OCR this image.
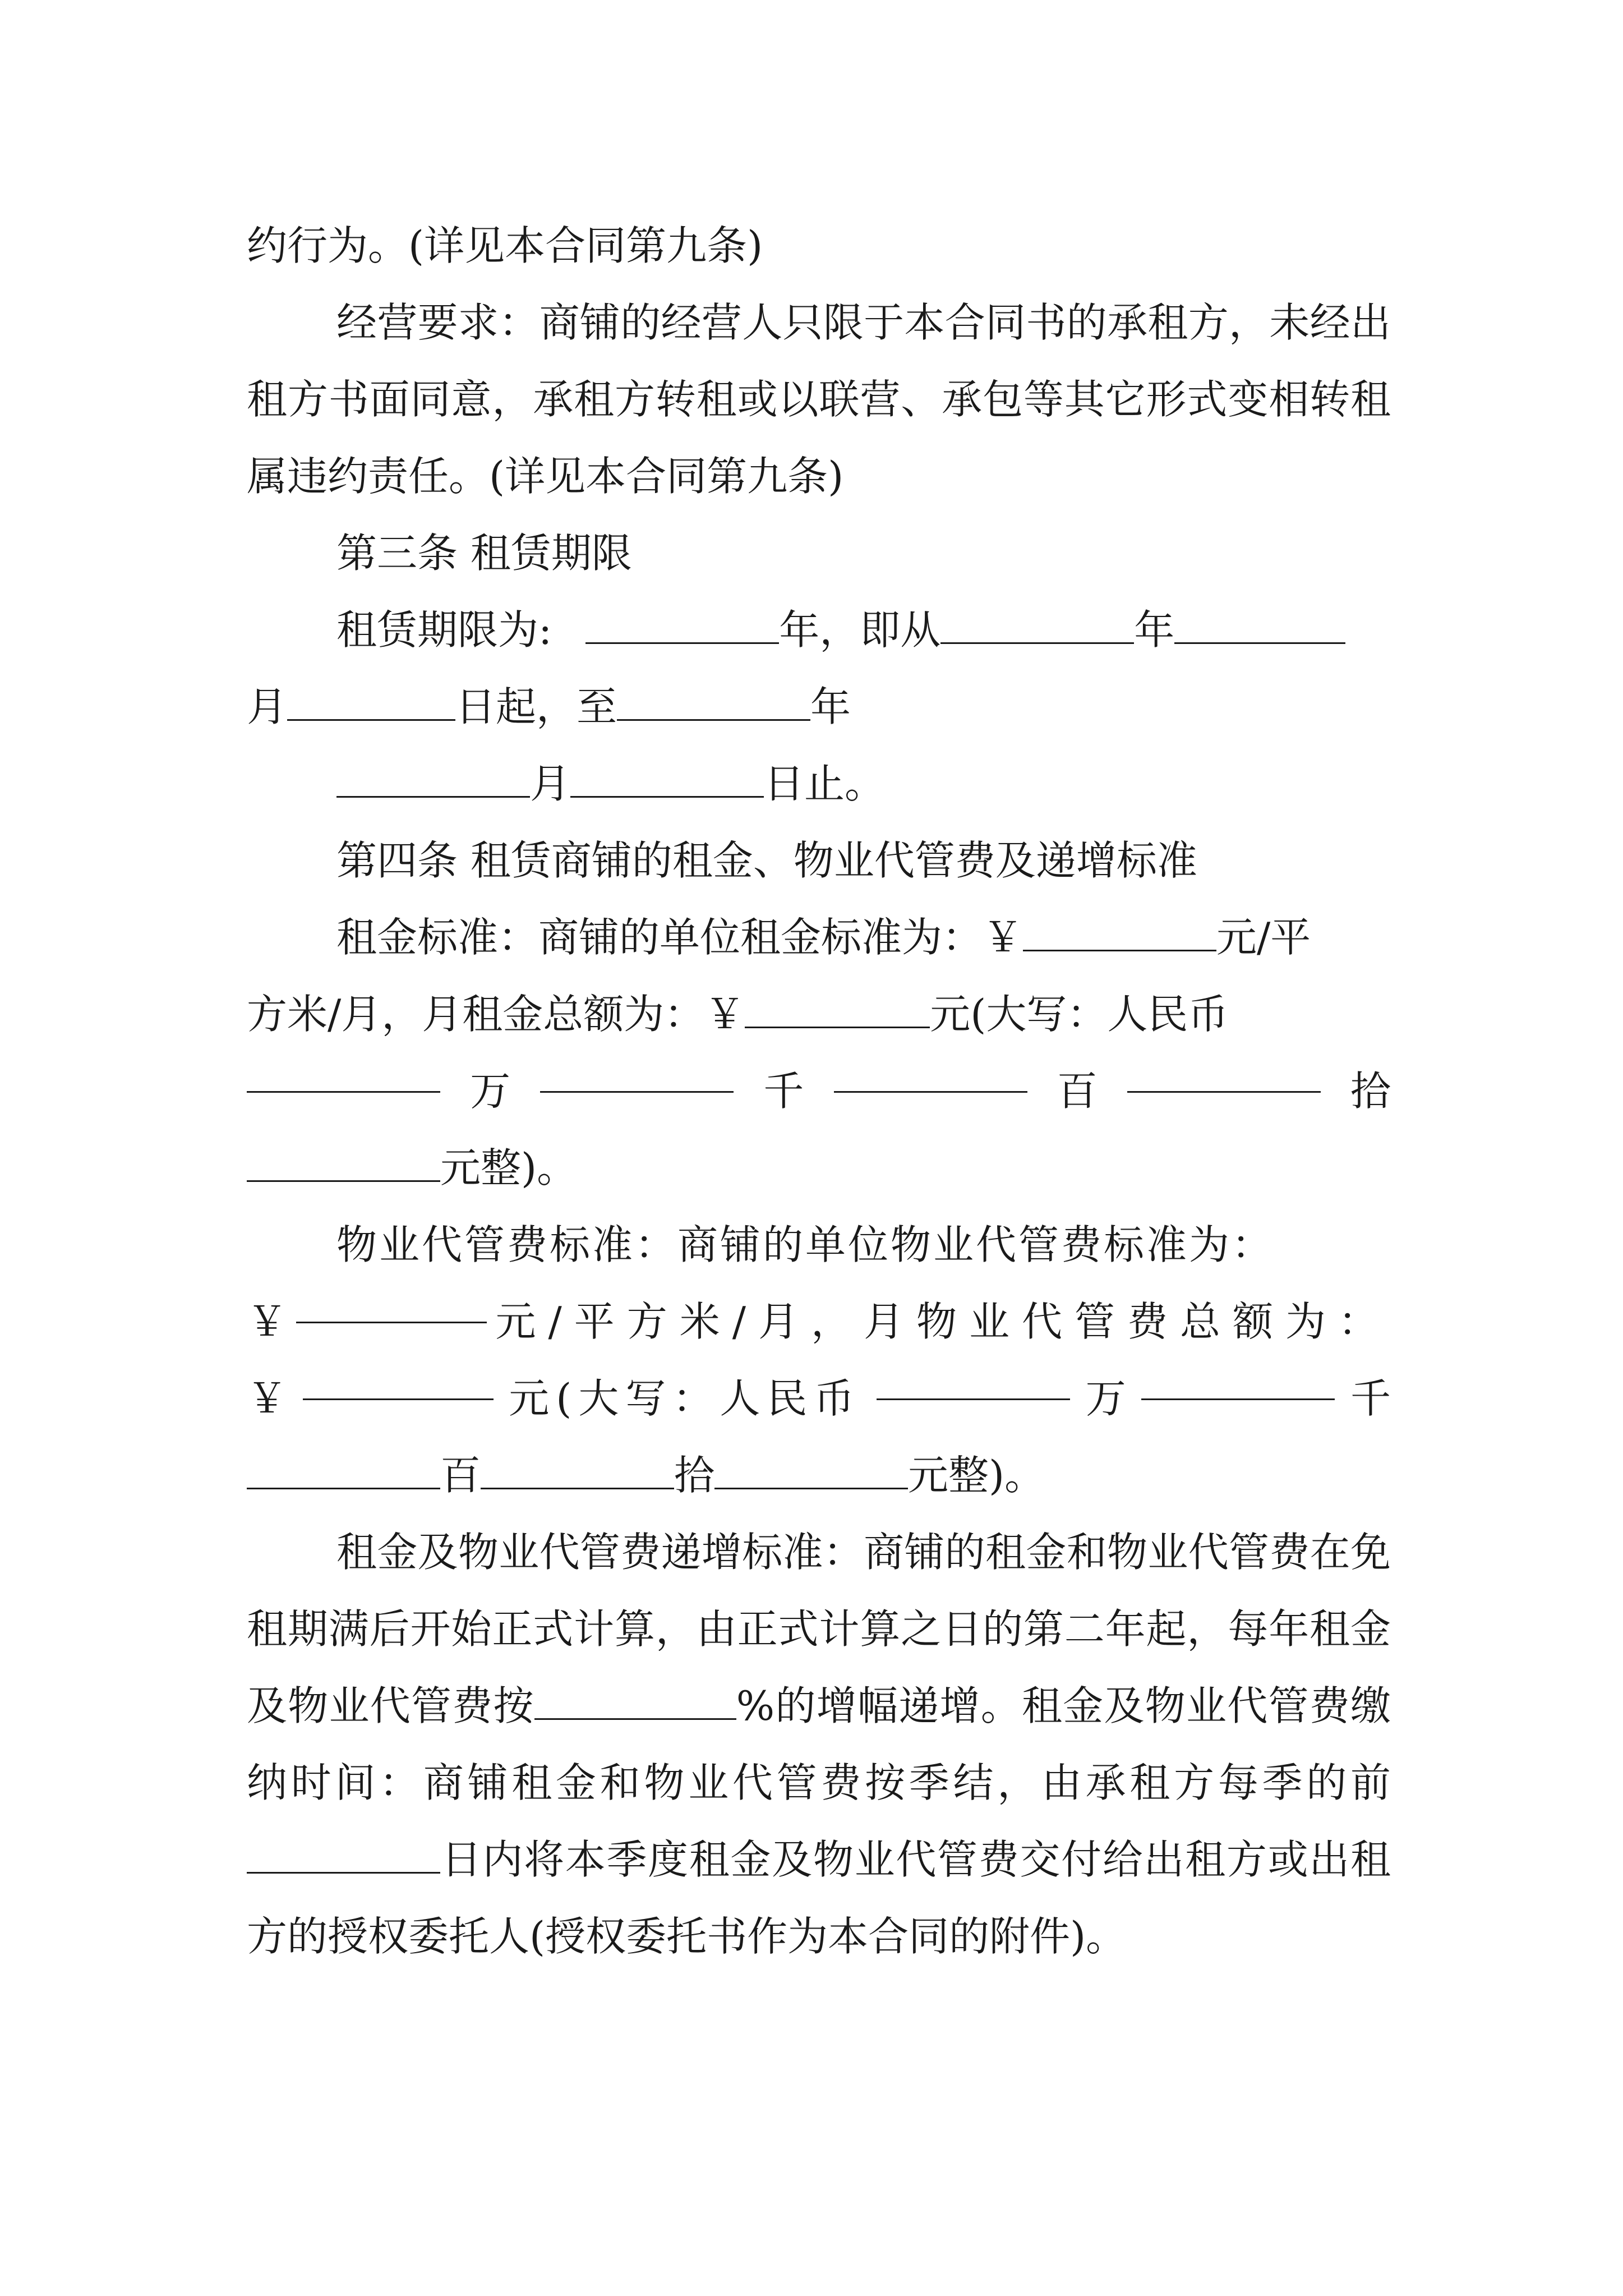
约行为。(详见本合同第九条)

经营要求：商铺的经营人只限于本合同书的承租方，未经出租方书面同意，承租方转租或以联营、承包等其它形式变相转租属违约责任。(详见本合同第九条)

第三条 租赁期限

租赁期限为:	年，即从	年
月	日起，至	年
月	日止。

第四条 租赁商铺的租金、物业代管费及递增标准

租金标准：商铺的单位租金标准为：￥	元/平
方米/月，月租金总额为：￥	元(大写：人民币
万	千	百	拾
元整)。
物业代管费标准：商铺的单位物业代管费标准为：
￥	元/平方米/月，月物业代管费总额为：
￥	元(大写：人民币	万	千
百	拾	元整)。

租金及物业代管费递增标准：商铺的租金和物业代管费在免租期满后开始正式计算，由正式计算之日的第二年起，每年租金及物业代管费按	%的增幅递增。租金及物业代管费缴纳时间：商铺租金和物业代管费按季结，由承租方每季的前日内将本季度租金及物业代管费交付给出租方或出租方的授权委托人(授权委托书作为本合同的附件)。
